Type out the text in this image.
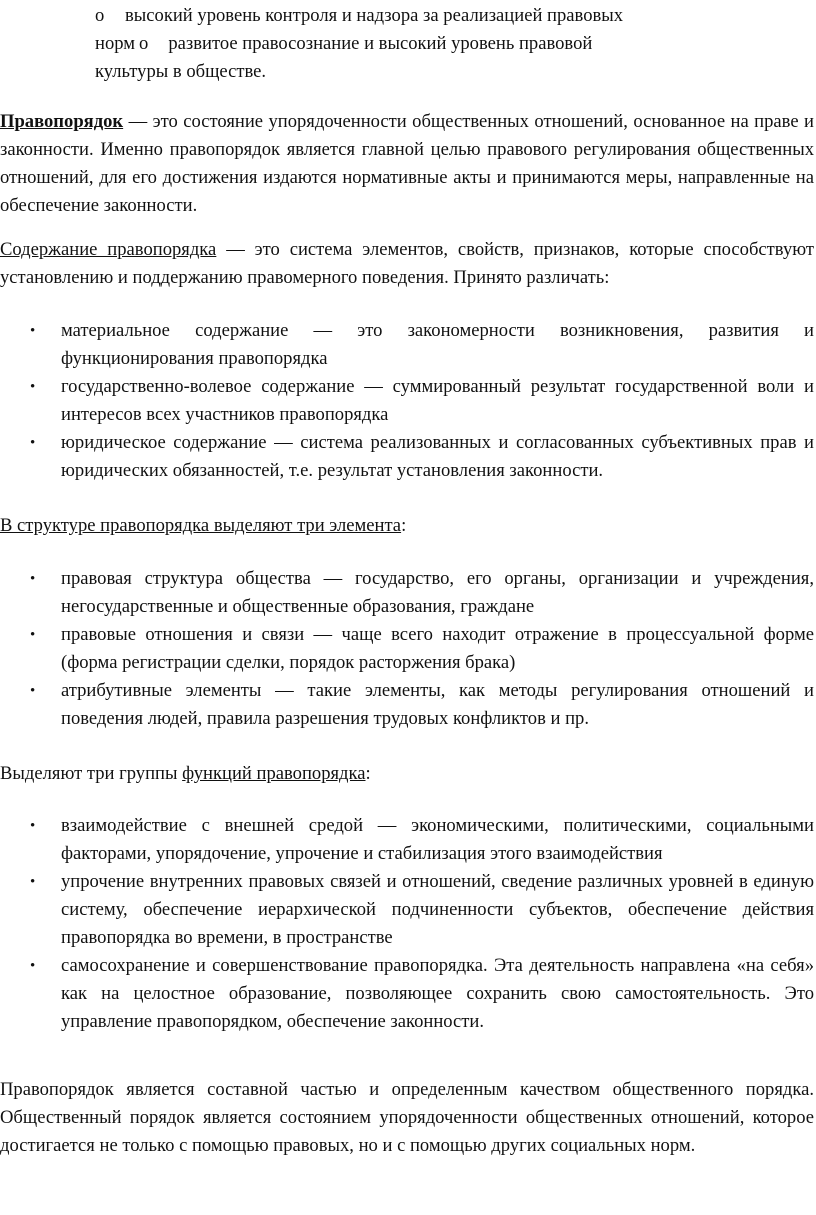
o высокий уровень контроля и надзора за реализацией правовых
норм o развитое правосознание и высокий уровень правовой
культуры в обществе.

Правопорядок — это состояние упорядоченности общественных отношений, основанное на праве и законности. Именно правопорядок является главной целью правового регулирования общественных отношений, для его достижения издаются нормативные акты и принимаются меры, направленные на обеспечение законности.

Содержание правопорядка — это система элементов, свойств, признаков, которые способствуют установлению и поддержанию правомерного поведения. Принято различать:

• материальное содержание — это закономерности возникновения, развития и функционирования правопорядка
• государственно-волевое содержание — суммированный результат государственной воли и интересов всех участников правопорядка
• юридическое содержание — система реализованных и согласованных субъективных прав и юридических обязанностей, т.е. результат установления законности.

В структуре правопорядка выделяют три элемента:

• правовая структура общества — государство, его органы, организации и учреждения, негосударственные и общественные образования, граждане
• правовые отношения и связи — чаще всего находит отражение в процессуальной форме (форма регистрации сделки, порядок расторжения брака)
• атрибутивные элементы — такие элементы, как методы регулирования отношений и поведения людей, правила разрешения трудовых конфликтов и пр.

Выделяют три группы функций правопорядка:

• взаимодействие с внешней средой — экономическими, политическими, социальными факторами, упорядочение, упрочение и стабилизация этого взаимодействия
• упрочение внутренних правовых связей и отношений, сведение различных уровней в единую систему, обеспечение иерархической подчиненности субъектов, обеспечение действия правопорядка во времени, в пространстве
• самосохранение и совершенствование правопорядка. Эта деятельность направлена «на себя» как на целостное образование, позволяющее сохранить свою самостоятельность. Это управление правопорядком, обеспечение законности.

Правопорядок является составной частью и определенным качеством общественного порядка. Общественный порядок является состоянием упорядоченности общественных отношений, которое достигается не только с помощью правовых, но и с помощью других социальных норм.
